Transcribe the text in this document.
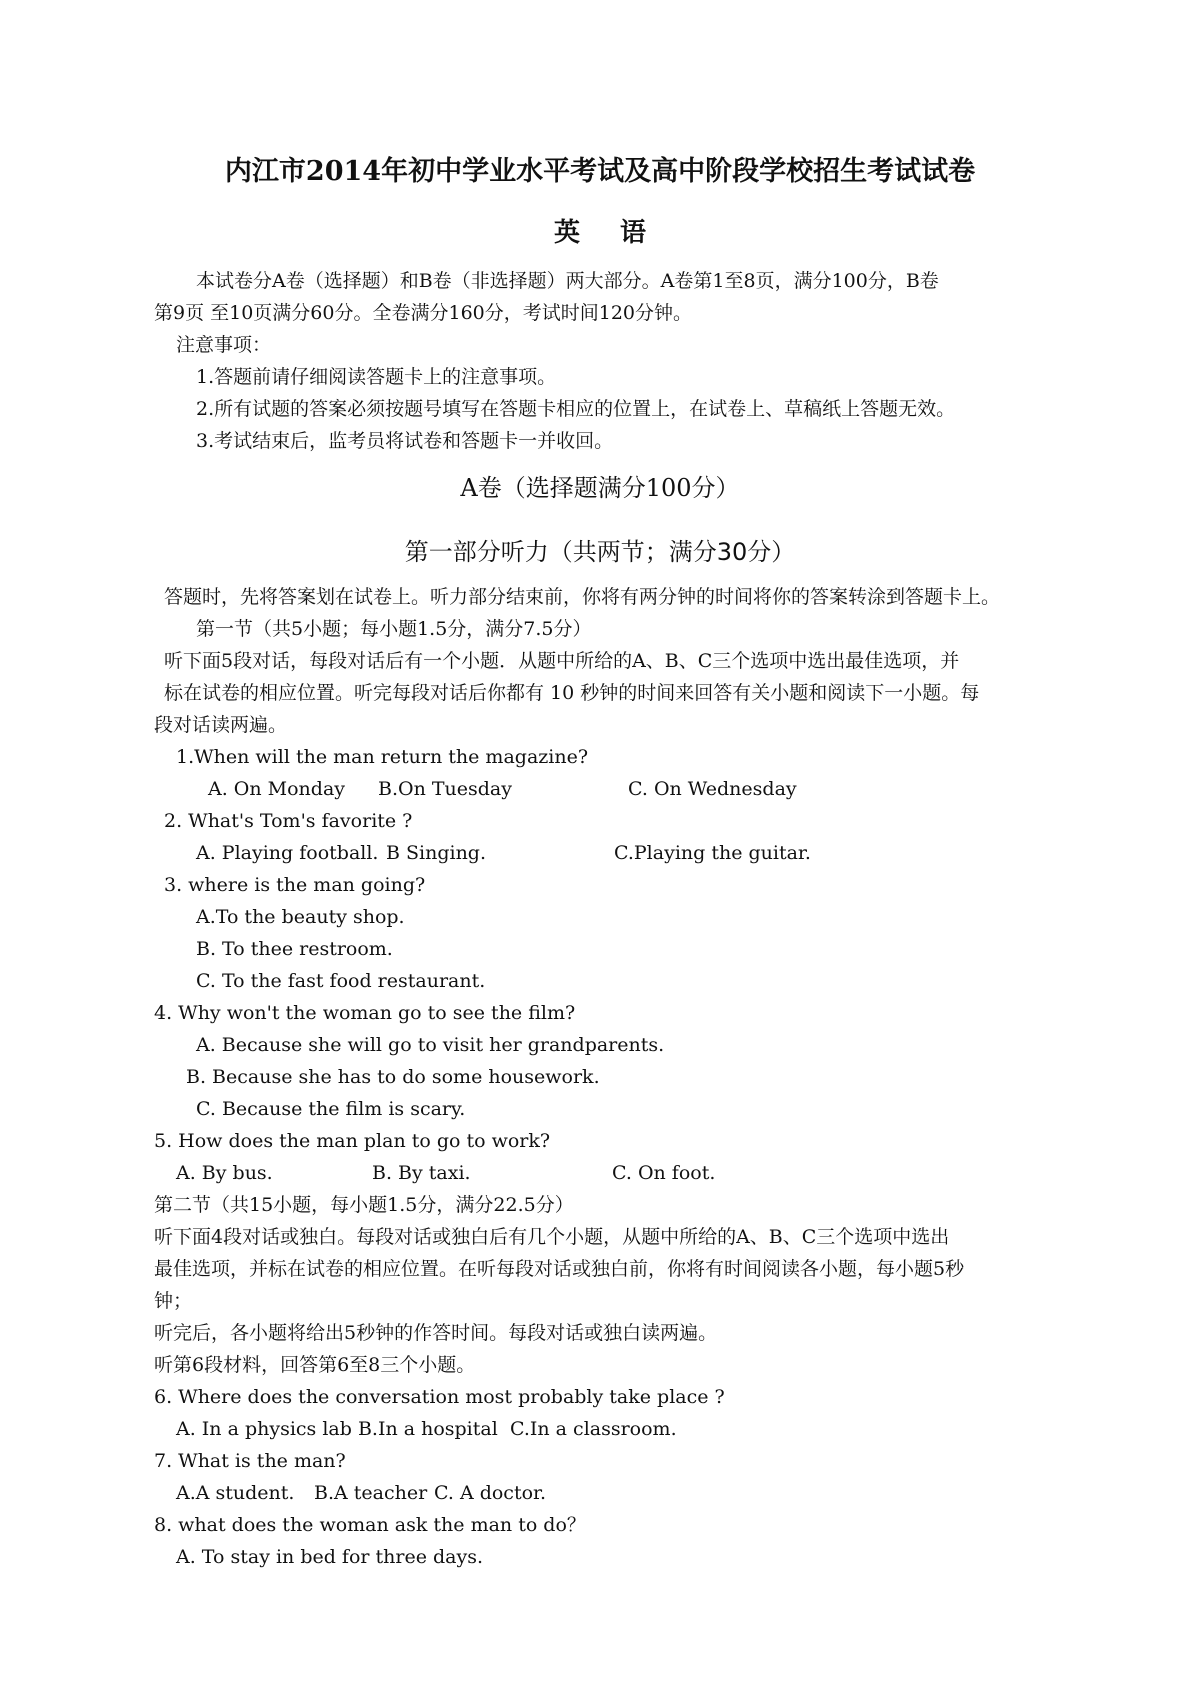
内江市2014年初中学业水平考试及高中阶段学校招生考试试卷
英语
本试卷分A卷（选择题）和B卷（非选择题）两大部分。A卷第1至8页，满分100分，B卷
第9页 至10页满分60分。全卷满分160分，考试时间120分钟。
注意事项：
1.答题前请仔细阅读答题卡上的注意事项。
2.所有试题的答案必须按题号填写在答题卡相应的位置上，在试卷上、草稿纸上答题无效。
3.考试结束后，监考员将试卷和答题卡一并收回。
A卷（选择题满分100分）
第一部分听力（共两节；满分30分）
答题时，先将答案划在试卷上。听力部分结束前，你将有两分钟的时间将你的答案转涂到答题卡上。
第一节（共5小题；每小题1.5分，满分7.5分）
听下面5段对话，每段对话后有一个小题．从题中所给的A、B、C三个选项中选出最佳选项，并
标在试卷的相应位置。听完每段对话后你都有 10 秒钟的时间来回答有关小题和阅读下一小题。每
段对话读两遍。
1.When will the man return the magazine?
A. On Monday B.On Tuesday	C. On Wednesday
2. What's Tom's favorite ?
A. Playing football. B Singing.	C.Playing the guitar.
3. where is the man going?
A.To the beauty shop.
B. To thee restroom.
C. To the fast food restaurant.
4. Why won't the woman go to see the film?
A. Because she will go to visit her grandparents.
B. Because she has to do some housework.
C. Because the film is scary.
5. How does the man plan to go to work?
A. By bus.	B. By taxi.	C. On foot.
第二节（共15小题，每小题1.5分，满分22.5分）
听下面4段对话或独白。每段对话或独白后有几个小题，从题中所给的A、B、C三个选项中选出
最佳选项，并标在试卷的相应位置。在听每段对话或独白前，你将有时间阅读各小题，每小题5秒
钟；
听完后，各小题将给出5秒钟的作答时间。每段对话或独白读两遍。
听第6段材料，回答第6至8三个小题。
6. Where does the conversation most probably take place ?
A. In a physics lab B.In a hospital C.In a classroom.
7. What is the man?
A.A student. B.A teacher C. A doctor.
8. what does the woman ask the man to do？
A. To stay in bed for three days.
